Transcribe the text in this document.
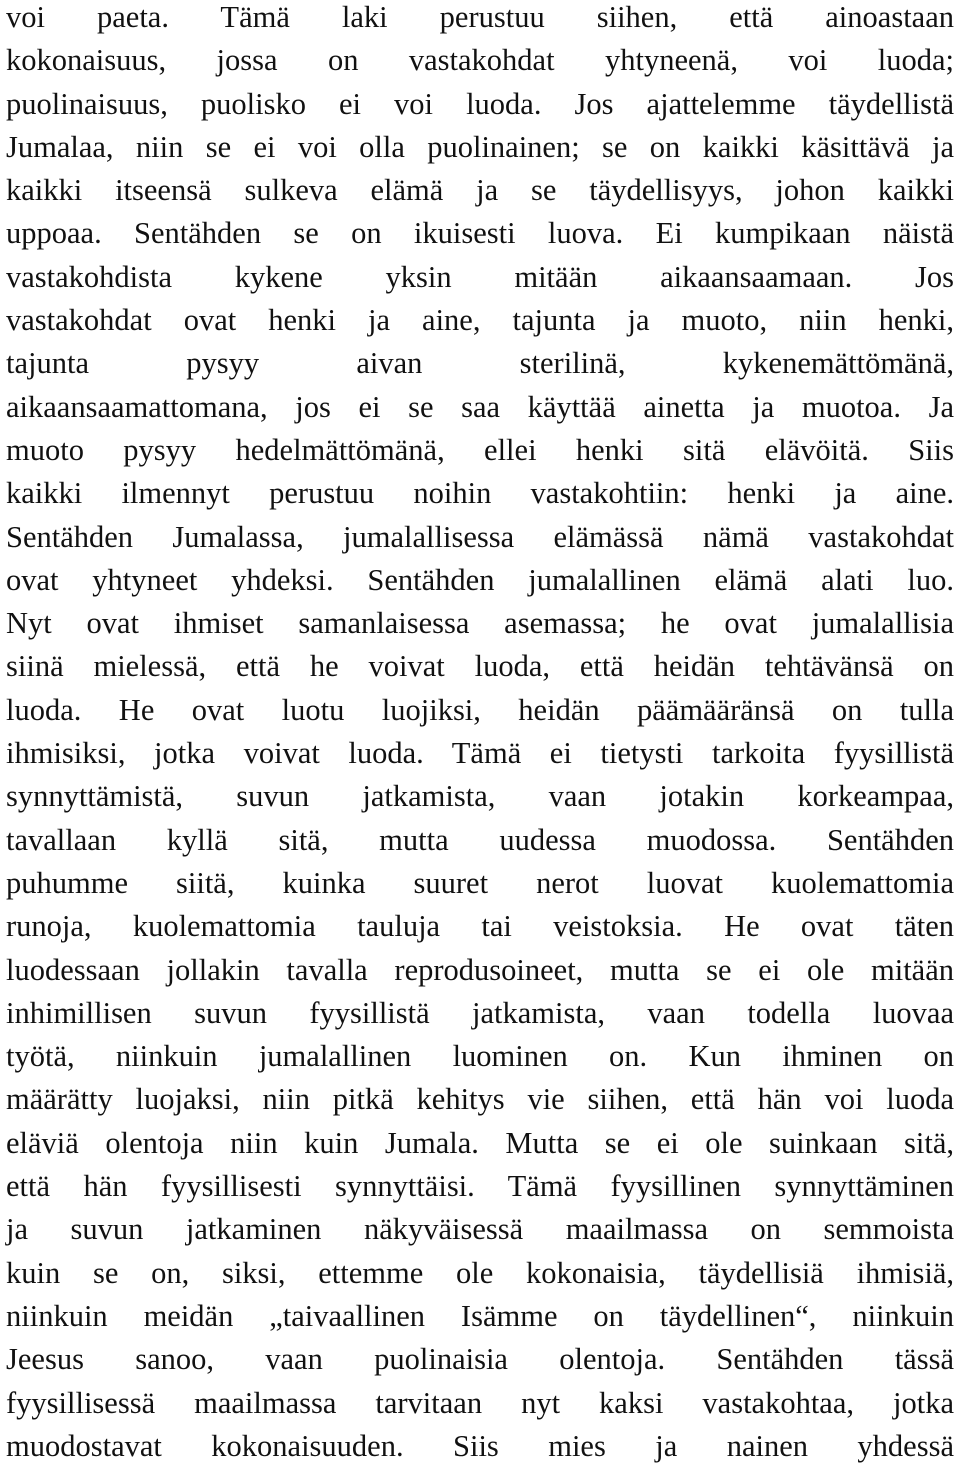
voi paeta. Tämä laki perustuu siihen, että ainoastaan
kokonaisuus, jossa on vastakohdat yhtyneenä, voi luoda;
puolinaisuus, puolisko ei voi luoda. Jos ajattelemme täydellistä
Jumalaa, niin se ei voi olla puolinainen; se on kaikki käsittävä ja
kaikki itseensä sulkeva elämä ja se täydellisyys, johon kaikki
uppoaa. Sentähden se on ikuisesti luova. Ei kumpikaan näistä
vastakohdista kykene yksin mitään aikaansaamaan. Jos
vastakohdat ovat henki ja aine, tajunta ja muoto, niin henki,
tajunta pysyy aivan sterilinä, kykenemättömänä,
aikaansaamattomana, jos ei se saa käyttää ainetta ja muotoa. Ja
muoto pysyy hedelmättömänä, ellei henki sitä elävöitä. Siis
kaikki ilmennyt perustuu noihin vastakohtiin: henki ja aine.
Sentähden Jumalassa, jumalallisessa elämässä nämä vastakohdat
ovat yhtyneet yhdeksi. Sentähden jumalallinen elämä alati luo.
Nyt ovat ihmiset samanlaisessa asemassa; he ovat jumalallisia
siinä mielessä, että he voivat luoda, että heidän tehtävänsä on
luoda. He ovat luotu luojiksi, heidän päämääränsä on tulla
ihmisiksi, jotka voivat luoda. Tämä ei tietysti tarkoita fyysillistä
synnyttämistä, suvun jatkamista, vaan jotakin korkeampaa,
tavallaan kyllä sitä, mutta uudessa muodossa. Sentähden
puhumme siitä, kuinka suuret nerot luovat kuolemattomia
runoja, kuolemattomia tauluja tai veistoksia. He ovat täten
luodessaan jollakin tavalla reprodusoineet, mutta se ei ole mitään
inhimillisen suvun fyysillistä jatkamista, vaan todella luovaa
työtä, niinkuin jumalallinen luominen on. Kun ihminen on
määrätty luojaksi, niin pitkä kehitys vie siihen, että hän voi luoda
eläviä olentoja niin kuin Jumala. Mutta se ei ole suinkaan sitä,
että hän fyysillisesti synnyttäisi. Tämä fyysillinen synnyttäminen
ja suvun jatkaminen näkyväisessä maailmassa on semmoista
kuin se on, siksi, ettemme ole kokonaisia, täydellisiä ihmisiä,
niinkuin meidän „taivaallinen Isämme on täydellinen“, niinkuin
Jeesus sanoo, vaan puolinaisia olentoja. Sentähden tässä
fyysillisessä maailmassa tarvitaan nyt kaksi vastakohtaa, jotka
muodostavat kokonaisuuden. Siis mies ja nainen yhdessä
